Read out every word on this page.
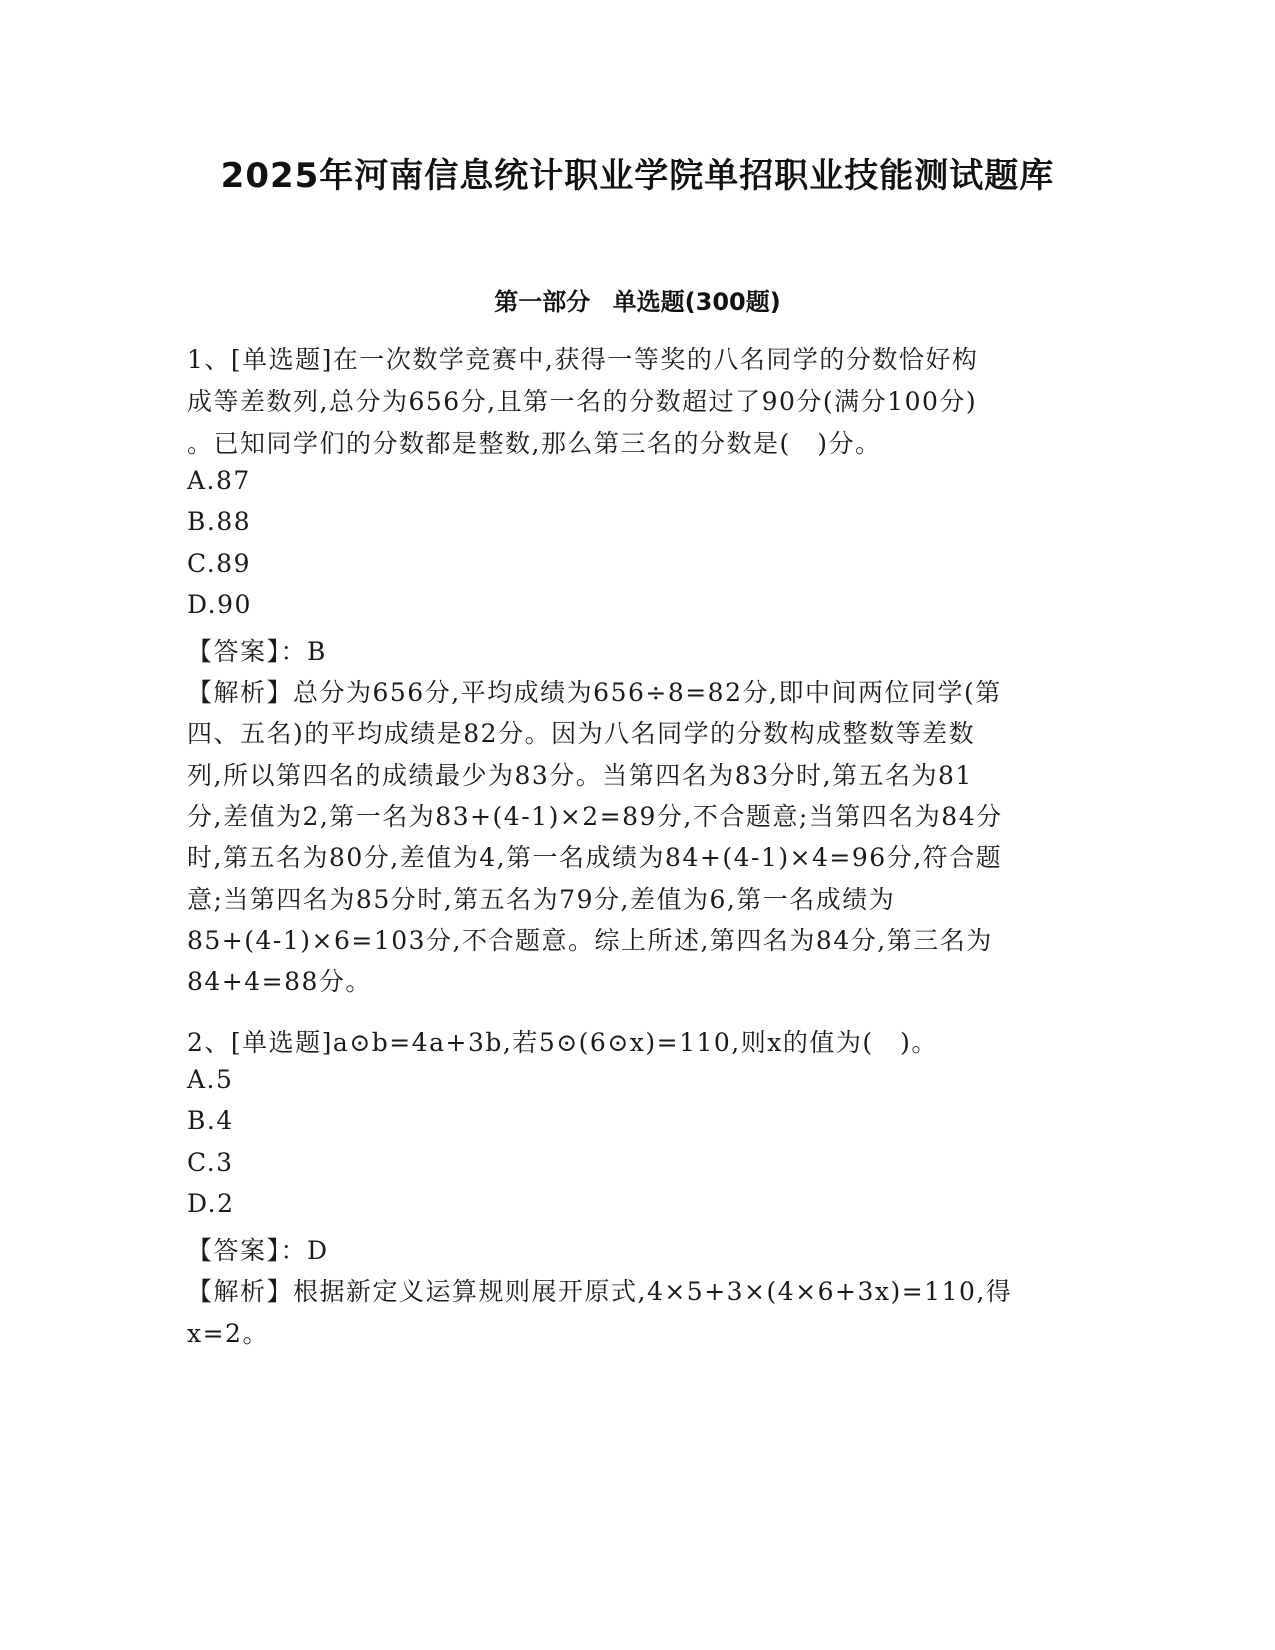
2025年河南信息统计职业学院单招职业技能测试题库
第一部分 单选题(300题)
1、[单选题]在一次数学竞赛中,获得一等奖的八名同学的分数恰好构
成等差数列,总分为656分,且第一名的分数超过了90分(满分100分)
。已知同学们的分数都是整数,那么第三名的分数是(　)分。
A.87
B.88
C.89
D.90
【答案】：B
【解析】总分为656分,平均成绩为656÷8=82分,即中间两位同学(第
四、五名)的平均成绩是82分。因为八名同学的分数构成整数等差数
列,所以第四名的成绩最少为83分。当第四名为83分时,第五名为81
分,差值为2,第一名为83+(4-1)×2=89分,不合题意;当第四名为84分
时,第五名为80分,差值为4,第一名成绩为84+(4-1)×4=96分,符合题
意;当第四名为85分时,第五名为79分,差值为6,第一名成绩为
85+(4-1)×6=103分,不合题意。综上所述,第四名为84分,第三名为
84+4=88分。
2、[单选题]a⊙b=4a+3b,若5⊙(6⊙x)=110,则x的值为(　)。
A.5
B.4
C.3
D.2
【答案】：D
【解析】根据新定义运算规则展开原式,4×5+3×(4×6+3x)=110,得
x=2。
